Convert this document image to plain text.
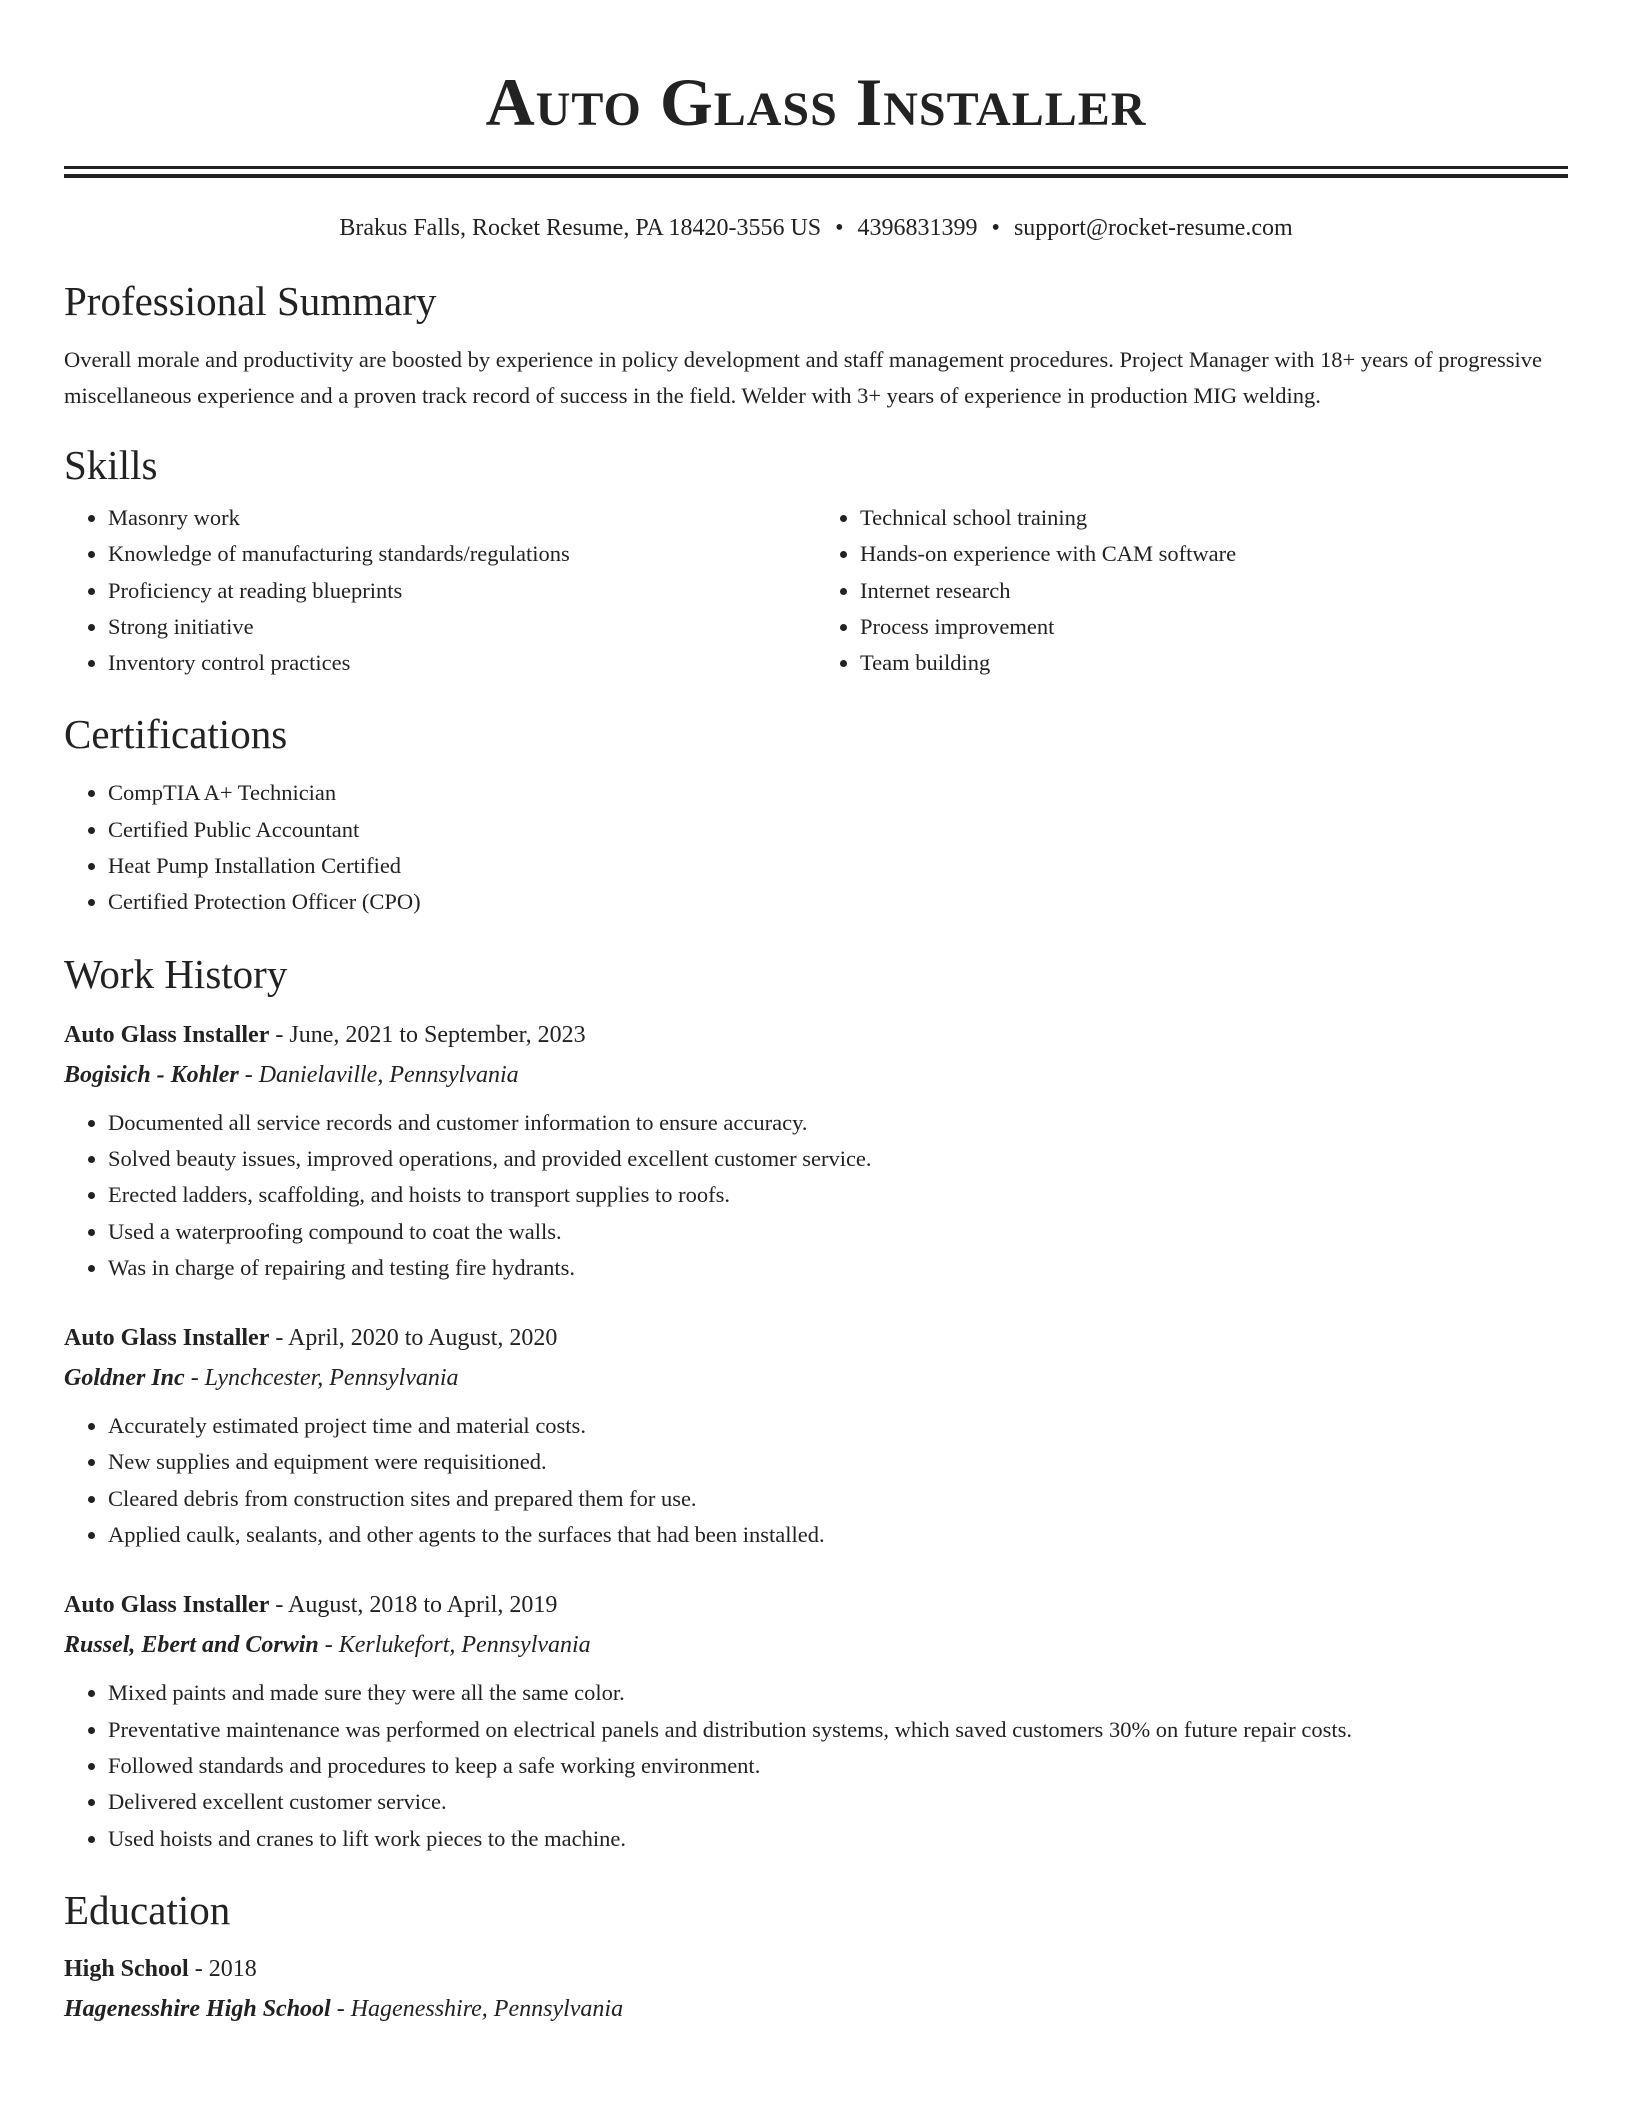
Auto Glass Installer
Brakus Falls, Rocket Resume, PA 18420-3556 US • 4396831399 • support@rocket-resume.com
Professional Summary

Overall morale and productivity are boosted by experience in policy development and staff management procedures. Project Manager with 18+ years of progressive miscellaneous experience and a proven track record of success in the field. Welder with 3+ years of experience in production MIG welding.

Skills
• Masonry work
• Knowledge of manufacturing standards/regulations
• Proficiency at reading blueprints
• Strong initiative
• Inventory control practices
• Technical school training
• Hands-on experience with CAM software
• Internet research
• Process improvement
• Team building
Certifications
• CompTIA A+ Technician
• Certified Public Accountant
• Heat Pump Installation Certified
• Certified Protection Officer (CPO)
Work History
Auto Glass Installer - June, 2021 to September, 2023
Bogisich - Kohler - Danielaville, Pennsylvania
• Documented all service records and customer information to ensure accuracy.
• Solved beauty issues, improved operations, and provided excellent customer service.
• Erected ladders, scaffolding, and hoists to transport supplies to roofs.
• Used a waterproofing compound to coat the walls.
• Was in charge of repairing and testing fire hydrants.
Auto Glass Installer - April, 2020 to August, 2020
Goldner Inc - Lynchcester, Pennsylvania
• Accurately estimated project time and material costs.
• New supplies and equipment were requisitioned.
• Cleared debris from construction sites and prepared them for use.
• Applied caulk, sealants, and other agents to the surfaces that had been installed.
Auto Glass Installer - August, 2018 to April, 2019
Russel, Ebert and Corwin - Kerlukefort, Pennsylvania
• Mixed paints and made sure they were all the same color.
• Preventative maintenance was performed on electrical panels and distribution systems, which saved customers 30% on future repair costs.
• Followed standards and procedures to keep a safe working environment.
• Delivered excellent customer service.
• Used hoists and cranes to lift work pieces to the machine.
Education
High School - 2018
Hagenesshire High School - Hagenesshire, Pennsylvania
